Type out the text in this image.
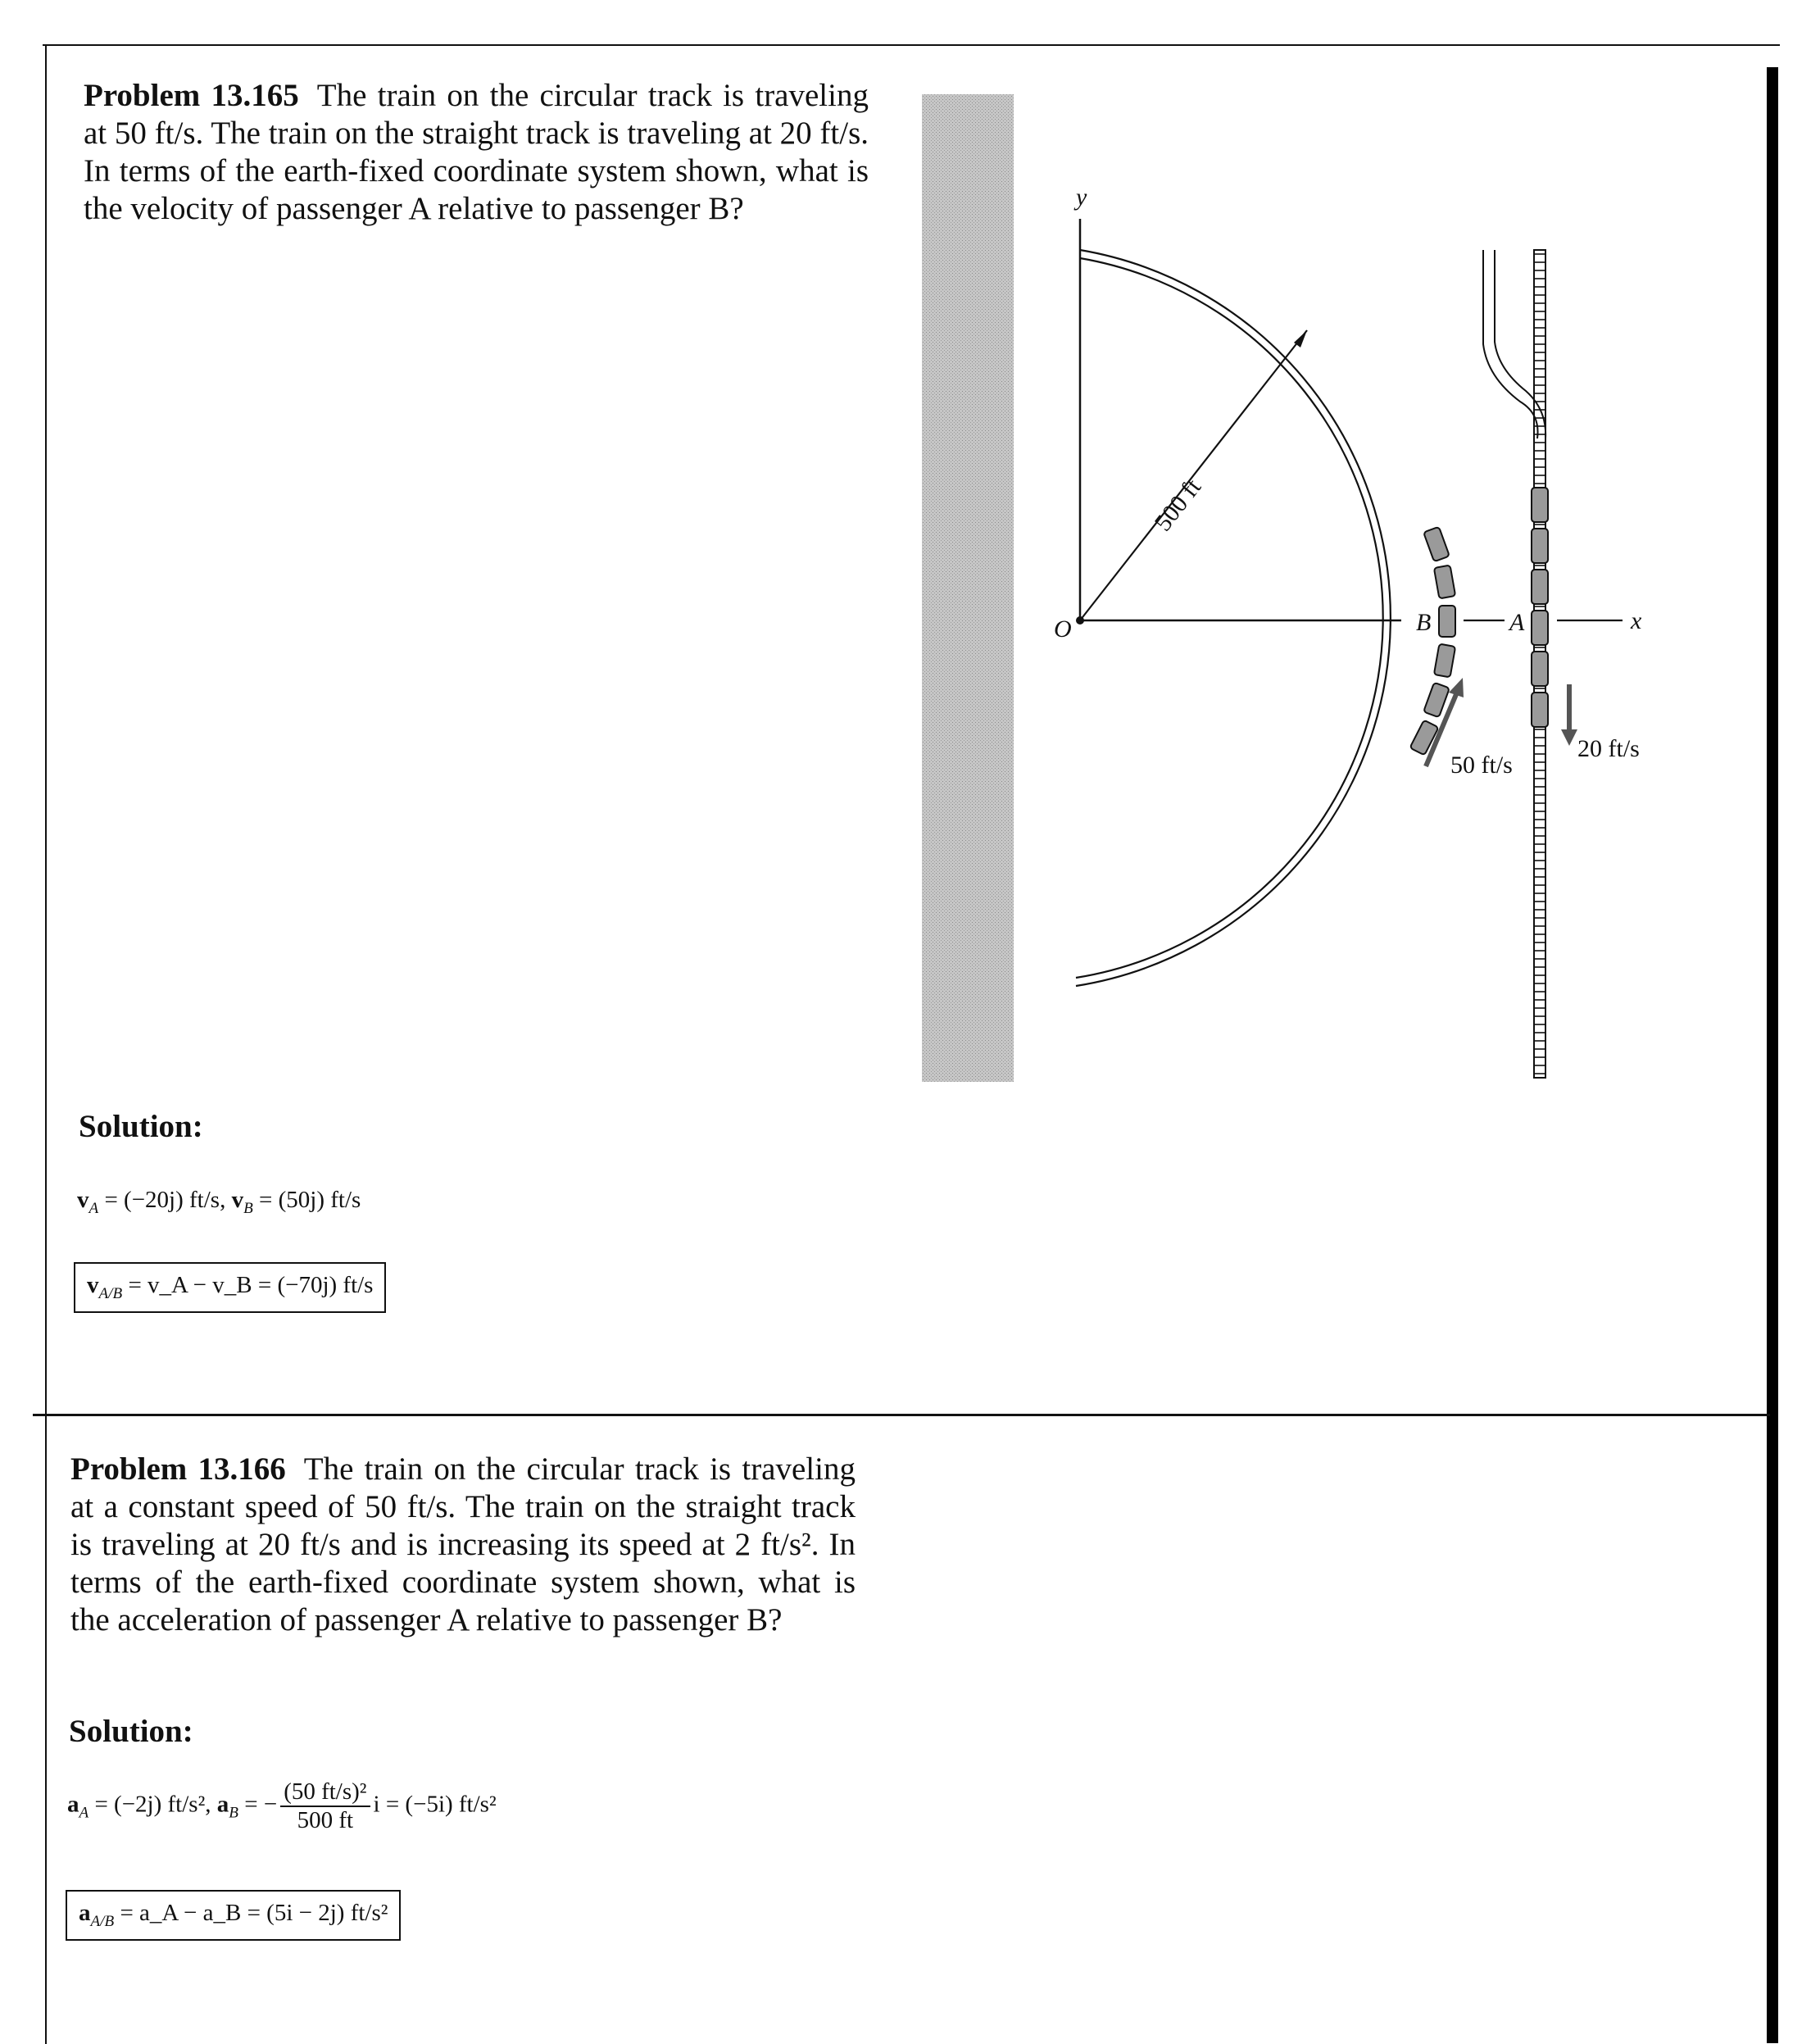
Problem 13.165 The train on the circular track is traveling at 50 ft/s. The train on the straight track is traveling at 20 ft/s. In terms of the earth-fixed coordinate system shown, what is the velocity of passenger A relative to passenger B?
Solution:
$v_A = (-20j)$ ft/s, $v_B = (50j)$ ft/s
$v_{A/B}$ = v_A − v_B = (−70j) ft/s
y
500 ft
O	B	A	x
50 ft/s
20 ft/s
Problem 13.166 The train on the circular track is traveling at a constant speed of 50 ft/s. The train on the straight track is traveling at 20 ft/s and is increasing its speed at 2 ft/s². In terms of the earth-fixed coordinate system shown, what is the acceleration of passenger A relative to passenger B?
Solution:
$a_A = (-2j)$ ft/s², $a_B$ = − $\frac{\text{(50 ft/s)²}}{500 ft}$ i = (−5i) ft/s²
$a_{A/B}$ = a_A − a_B = (5i − 2j) ft/s²
